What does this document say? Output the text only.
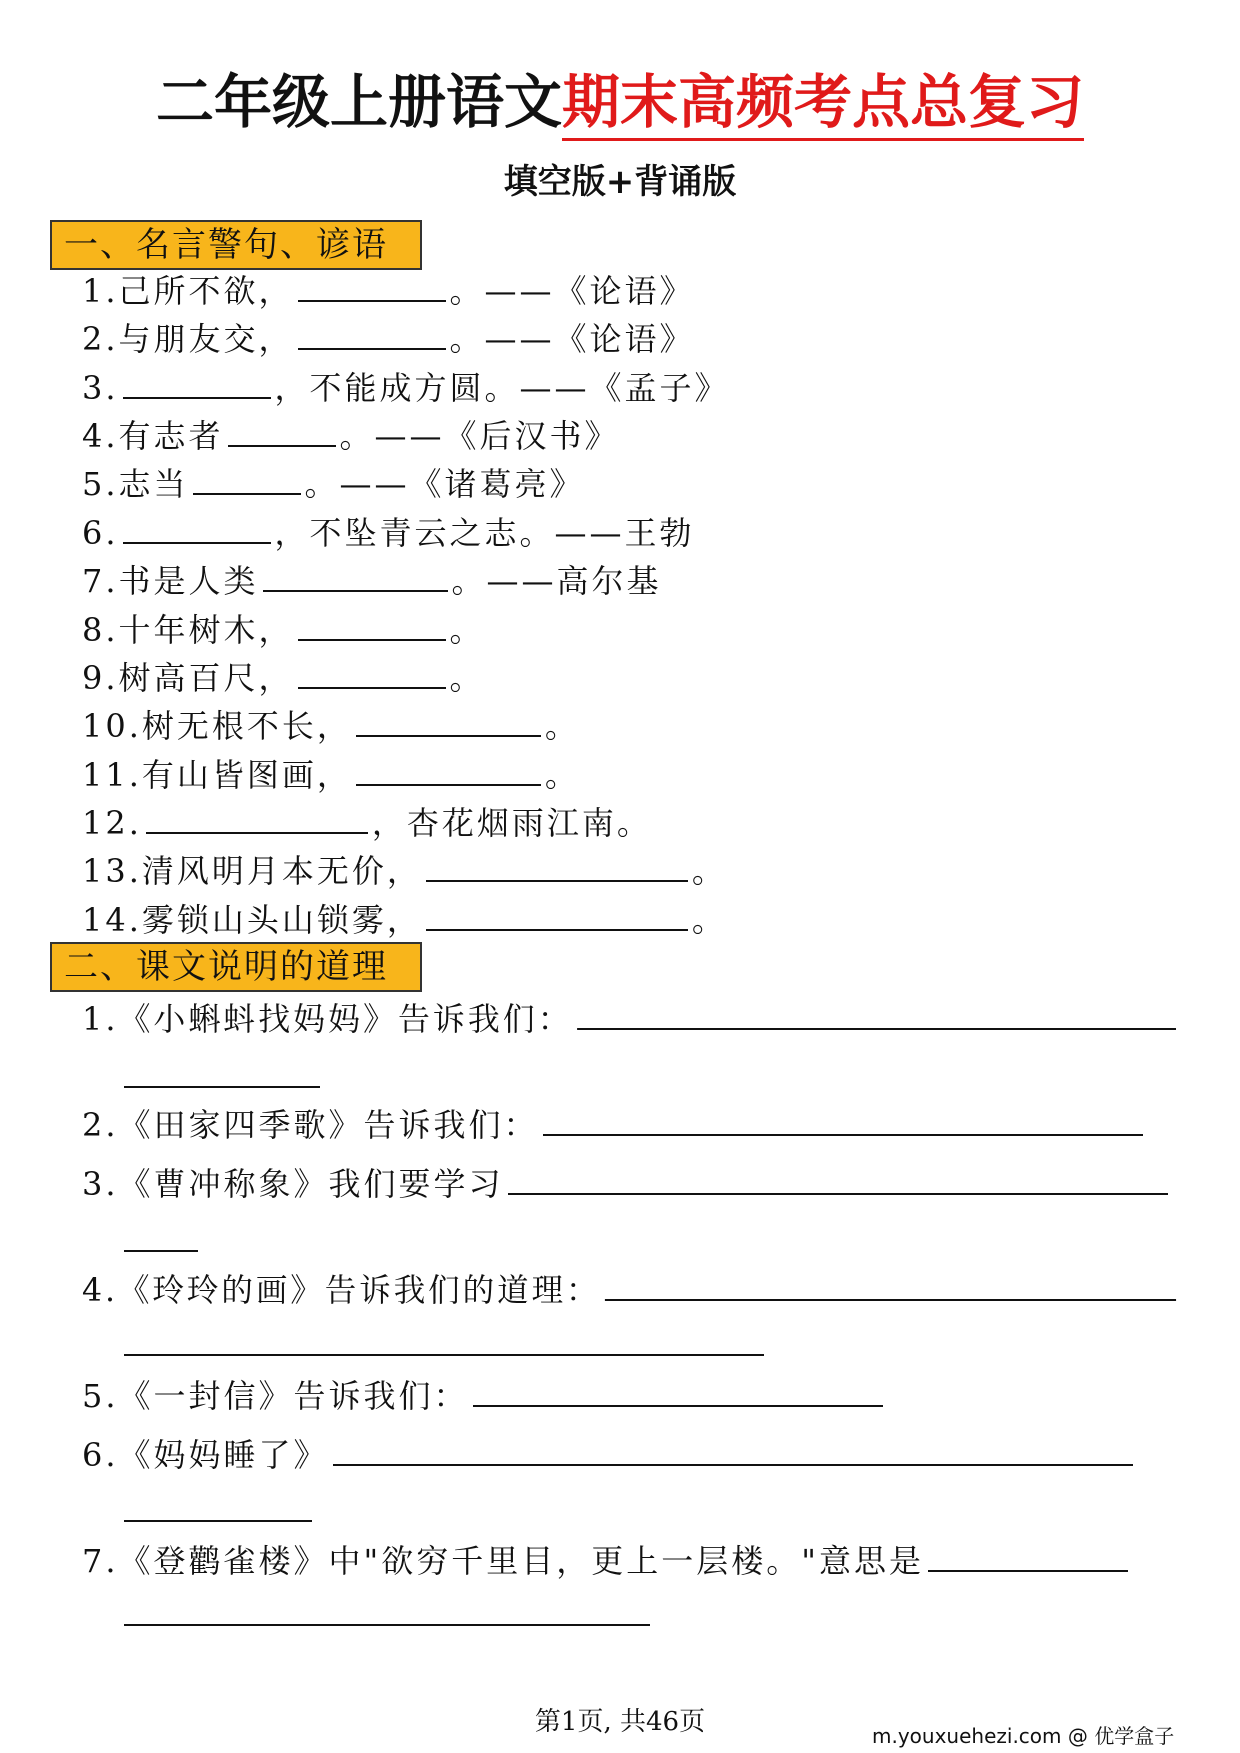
二年级上册语文期末高频考点总复习
填空版+背诵版
一、名言警句、谚语
1.己所不欲，	。——《论语》
2.与朋友交，	。——《论语》
3.	，不能成方圆。——《孟子》
4.有志者	。——《后汉书》
5.志当	。——《诸葛亮》
6.	，不坠青云之志。——王勃
7.书是人类	。——高尔基
8.十年树木，	。
9.树高百尺，	。
10.树无根不长，	。
11.有山皆图画，	。
12.	，杏花烟雨江南。
13.清风明月本无价，	。
14.雾锁山头山锁雾，	。
二、课文说明的道理
1.《小蝌蚪找妈妈》告诉我们：
2.《田家四季歌》告诉我们：
3.《曹冲称象》我们要学习
4.《玲玲的画》告诉我们的道理：
5.《一封信》告诉我们：
6.《妈妈睡了》
7.《登鹳雀楼》中"欲穷千里目，更上一层楼。"意思是
第1页, 共46页	m.youxuehezi.com @ 优学盒子
